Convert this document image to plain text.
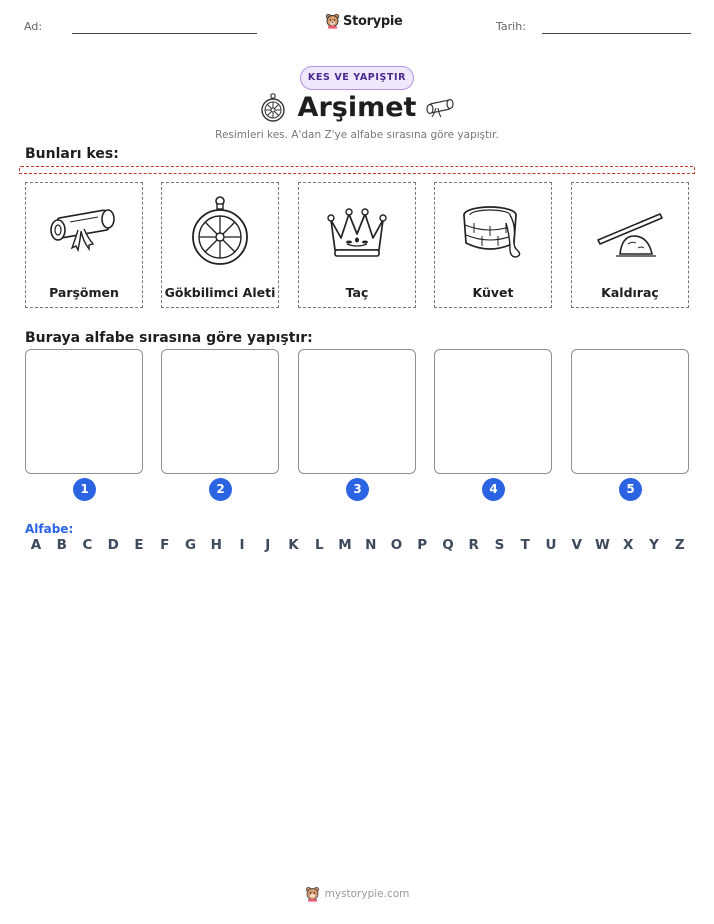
Ad:	Storypie	Tarih:
KES VE YAPIŞTIR
Arşimet
Resimleri kes. A'dan Z'ye alfabe sırasına göre yapıştır.
Bunları kes:
Parşömen	Gökbilimci Aleti	Taç	Küvet	Kaldıraç
Buraya alfabe sırasına göre yapıştır:
1	2	3	4	5
Alfabe:
A	B	C	D	E	F	G	H	I	J	K	L	M N	O	P	Q	R	S	T	U	V W X	Y	Z
mystorypie.com
